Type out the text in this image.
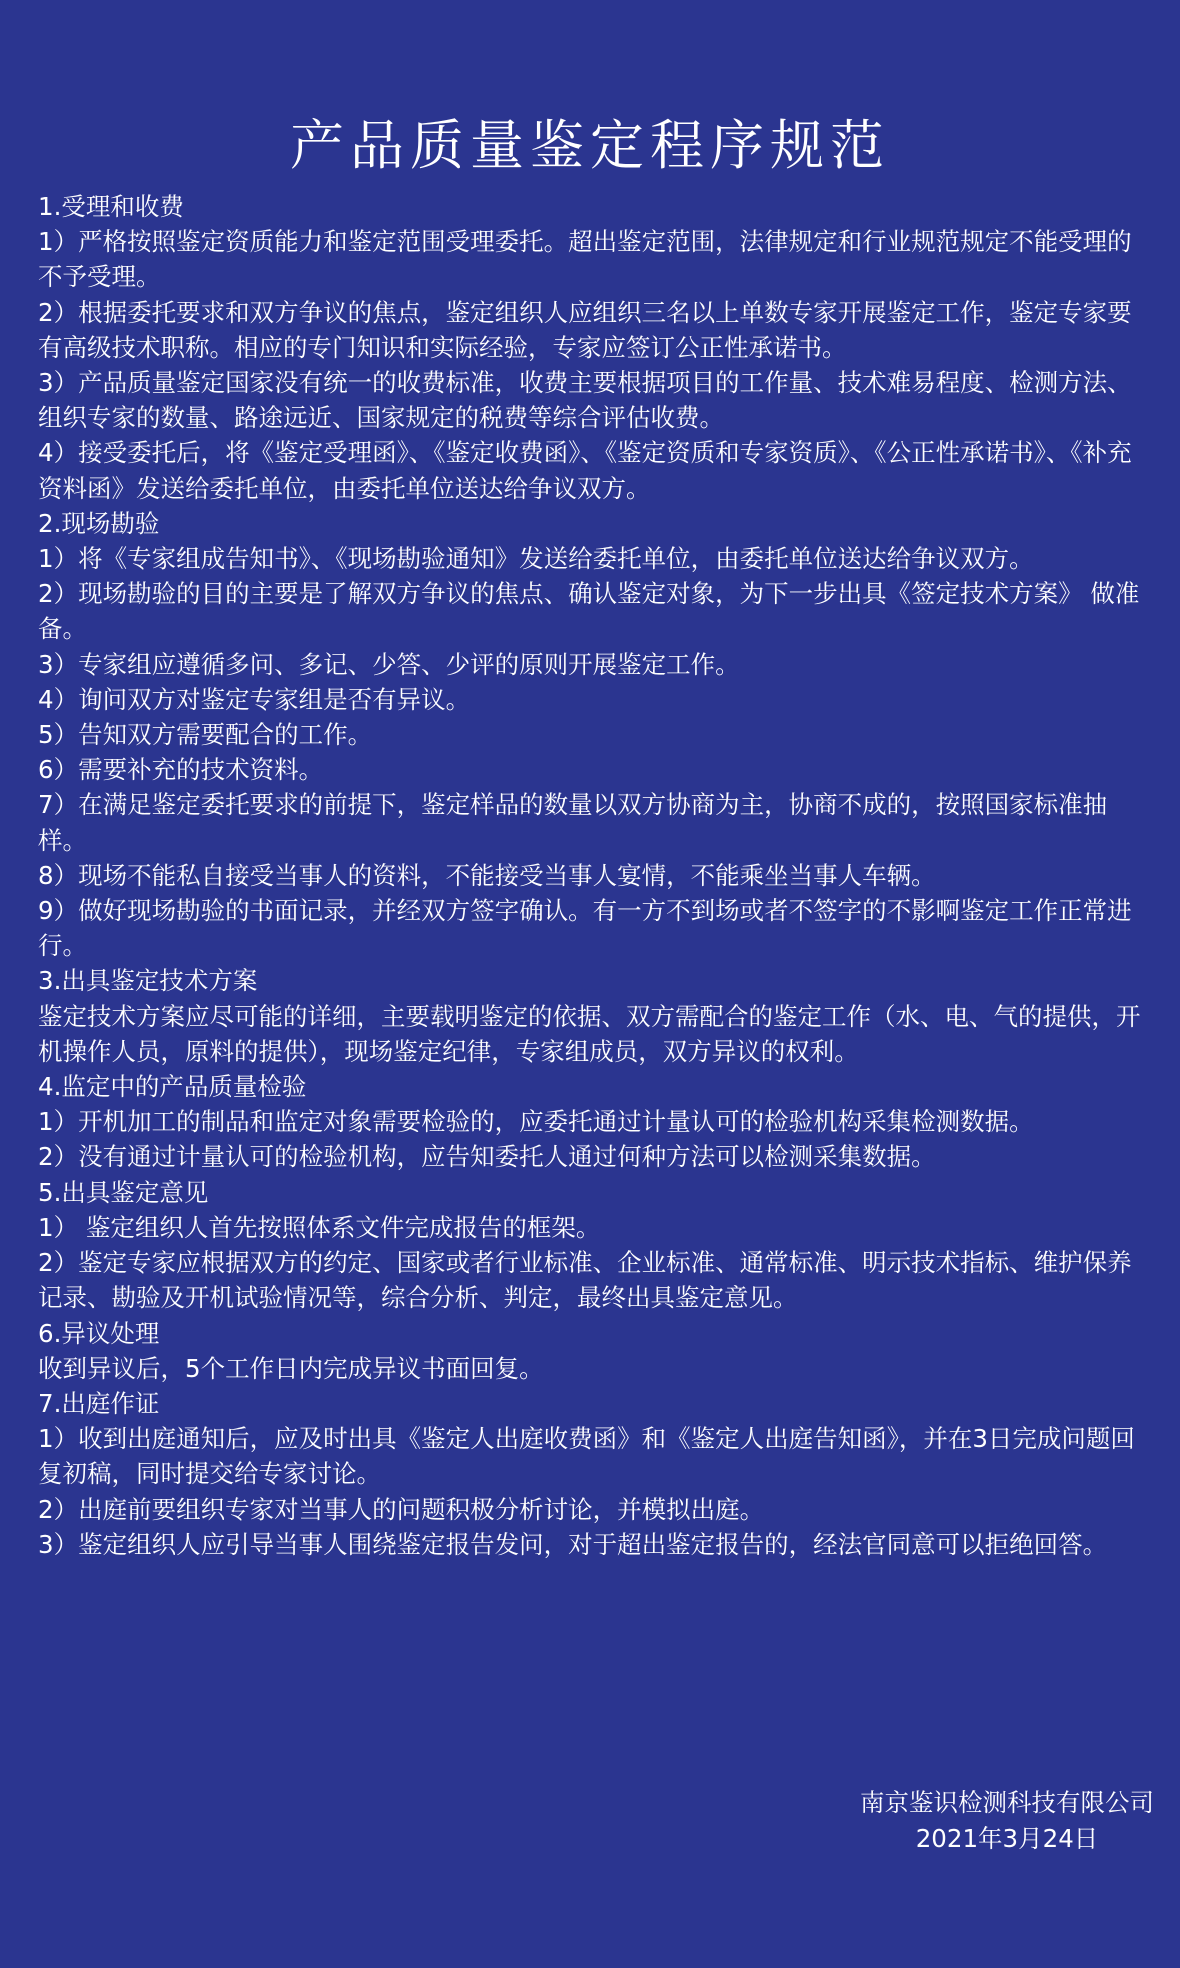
产品质量鉴定程序规范

1.受理和收费

1）严格按照鉴定资质能力和鉴定范围受理委托。超出鉴定范围，法律规定和行业规范规定不能受理的不予受理。

2）根据委托要求和双方争议的焦点，鉴定组织人应组织三名以上单数专家开展鉴定工作，鉴定专家要有高级技术职称。相应的专门知识和实际经验，专家应签订公正性承诺书。

3）产品质量鉴定国家没有统一的收费标准，收费主要根据项目的工作量、技术难易程度、检测方法、组织专家的数量、路途远近、国家规定的税费等综合评估收费。

4）接受委托后，将《鉴定受理函》、《鉴定收费函》、《鉴定资质和专家资质》、《公正性承诺书》、《补充资料函》发送给委托单位，由委托单位送达给争议双方。

2.现场勘验

1）将《专家组成告知书》、《现场勘验通知》发送给委托单位，由委托单位送达给争议双方。

2）现场勘验的目的主要是了解双方争议的焦点、确认鉴定对象，为下一步出具《签定技术方案》 做准备。

3）专家组应遵循多问、多记、少答、少评的原则开展鉴定工作。

4）询问双方对鉴定专家组是否有异议。

5）告知双方需要配合的工作。

6）需要补充的技术资料。

7）在满足鉴定委托要求的前提下，鉴定样品的数量以双方协商为主，协商不成的，按照国家标准抽样。

8）现场不能私自接受当事人的资料，不能接受当事人宴情，不能乘坐当事人车辆。

9）做好现场勘验的书面记录，并经双方签字确认。有一方不到场或者不签字的不影啊鉴定工作正常进行。

3.出具鉴定技术方案

鉴定技术方案应尽可能的详细，主要载明鉴定的依据、双方需配合的鉴定工作（水、电、气的提供，开机操作人员，原料的提供），现场鉴定纪律，专家组成员，双方异议的权利。

4.监定中的产品质量检验

1）开机加工的制品和监定对象需要检验的，应委托通过计量认可的检验机构采集检测数据。

2）没有通过计量认可的检验机构，应告知委托人通过何种方法可以检测采集数据。

5.出具鉴定意见

1） 鉴定组织人首先按照体系文件完成报告的框架。

2）鉴定专家应根据双方的约定、国家或者行业标准、企业标准、通常标准、明示技术指标、维护保养记录、勘验及开机试验情况等，综合分析、判定，最终出具鉴定意见。

6.异议处理

收到异议后，5个工作日内完成异议书面回复。

7.出庭作证

1）收到出庭通知后，应及时出具《鉴定人出庭收费函》和《鉴定人出庭告知函》，并在3日完成问题回复初稿，同时提交给专家讨论。

2）出庭前要组织专家对当事人的问题积极分析讨论，并模拟出庭。

3）鉴定组织人应引导当事人围绕鉴定报告发问，对于超出鉴定报告的，经法官同意可以拒绝回答。

南京鉴识检测科技有限公司
2021年3月24日
